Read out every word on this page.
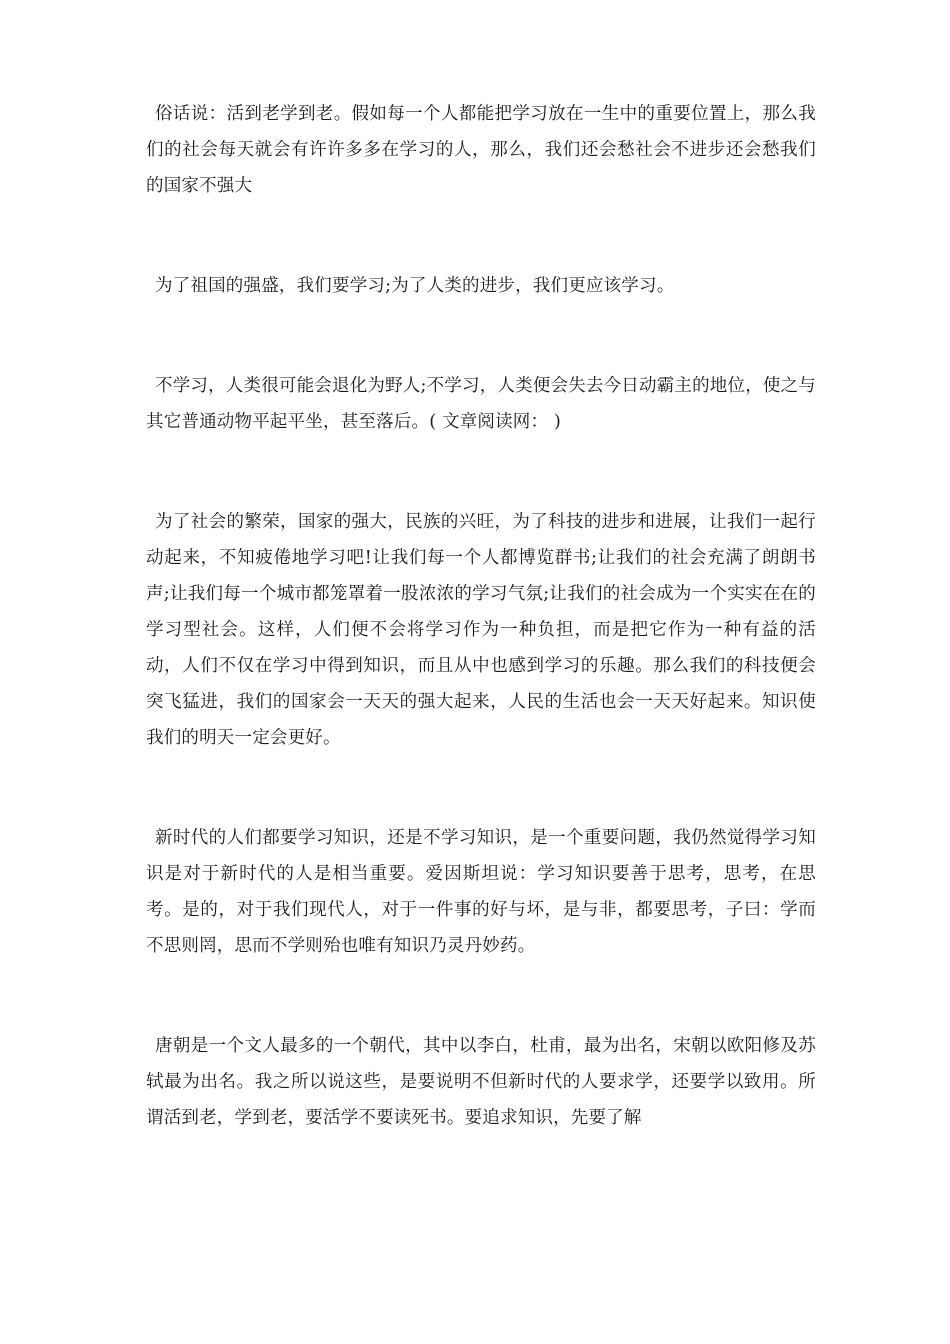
俗话说：活到老学到老。假如每一个人都能把学习放在一生中的重要位置上，那么我们的社会每天就会有许许多多在学习的人，那么，我们还会愁社会不进步还会愁我们的国家不强大

为了祖国的强盛，我们要学习;为了人类的进步，我们更应该学习。

不学习，人类很可能会退化为野人;不学习，人类便会失去今日动霸主的地位，使之与其它普通动物平起平坐，甚至落后。( 文章阅读网： )

为了社会的繁荣，国家的强大，民族的兴旺，为了科技的进步和进展，让我们一起行动起来，不知疲倦地学习吧!让我们每一个人都博览群书;让我们的社会充满了朗朗书声;让我们每一个城市都笼罩着一股浓浓的学习气氛;让我们的社会成为一个实实在在的学习型社会。这样，人们便不会将学习作为一种负担，而是把它作为一种有益的活动，人们不仅在学习中得到知识，而且从中也感到学习的乐趣。那么我们的科技便会突飞猛进，我们的国家会一天天的强大起来，人民的生活也会一天天好起来。知识使我们的明天一定会更好。

新时代的人们都要学习知识，还是不学习知识，是一个重要问题，我仍然觉得学习知识是对于新时代的人是相当重要。爱因斯坦说：学习知识要善于思考，思考，在思考。是的，对于我们现代人，对于一件事的好与坏，是与非，都要思考，子曰：学而不思则罔，思而不学则殆也唯有知识乃灵丹妙药。

唐朝是一个文人最多的一个朝代，其中以李白，杜甫，最为出名，宋朝以欧阳修及苏轼最为出名。我之所以说这些，是要说明不但新时代的人要求学，还要学以致用。所谓活到老，学到老，要活学不要读死书。要追求知识，先要了解
